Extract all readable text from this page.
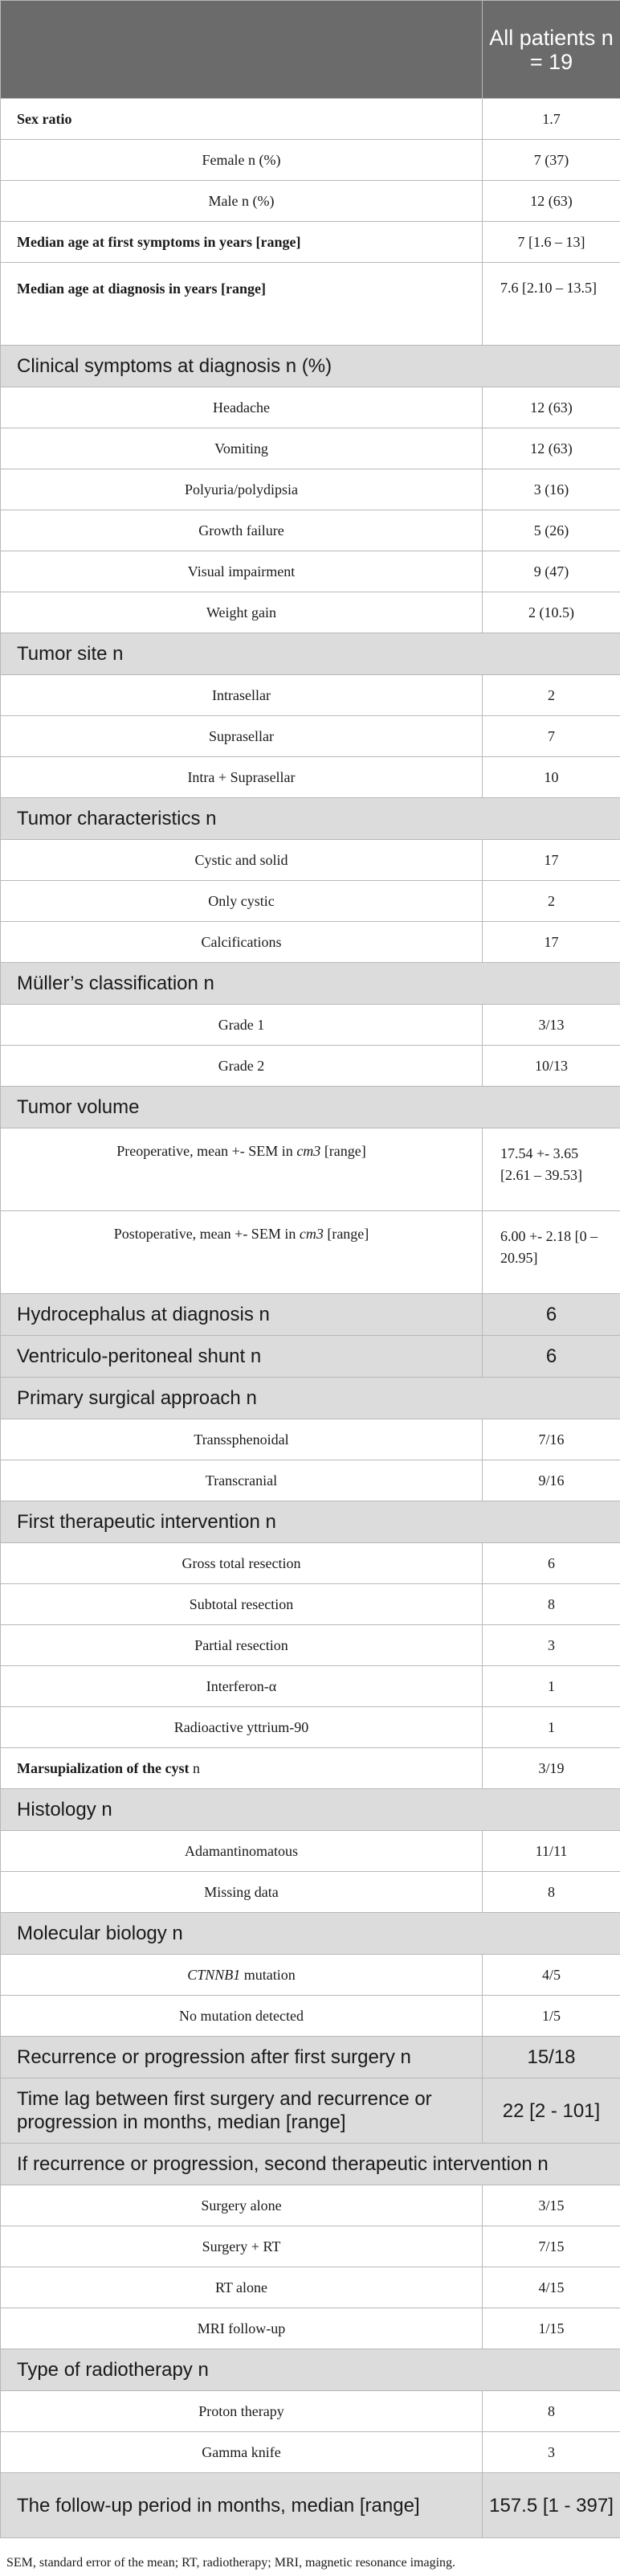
	All patients n = 19
Sex ratio	1.7
Female n (%)	7 (37)
Male n (%)	12 (63)
Median age at first symptoms in years [range]	7 [1.6 – 13]
Median age at diagnosis in years [range]	7.6 [2.10 – 13.5]
Clinical symptoms at diagnosis n (%)	
Headache	12 (63)
Vomiting	12 (63)
Polyuria/polydipsia	3 (16)
Growth failure	5 (26)
Visual impairment	9 (47)
Weight gain	2 (10.5)
Tumor site n	
Intrasellar	2
Suprasellar	7
Intra + Suprasellar	10
Tumor characteristics n	
Cystic and solid	17
Only cystic	2
Calcifications	17
Müller’s classification n	
Grade 1	3/13
Grade 2	10/13
Tumor volume	
Preoperative, mean +- SEM in cm3 [range]	17.54 +- 3.65 [2.61 – 39.53]
Postoperative, mean +- SEM in cm3 [range]	6.00 +- 2.18 [0 – 20.95]
Hydrocephalus at diagnosis n	6
Ventriculo-peritoneal shunt n	6
Primary surgical approach n	
Transsphenoidal	7/16
Transcranial	9/16
First therapeutic intervention n	
Gross total resection	6
Subtotal resection	8
Partial resection	3
Interferon-α	1
Radioactive yttrium-90	1
Marsupialization of the cyst n	3/19
Histology n	
Adamantinomatous	11/11
Missing data	8
Molecular biology n	
CTNNB1 mutation	4/5
No mutation detected	1/5
Recurrence or progression after first surgery n	15/18
Time lag between first surgery and recurrence or progression in months, median [range]	22 [2 - 101]
If recurrence or progression, second therapeutic intervention n	
Surgery alone	3/15
Surgery + RT	7/15
RT alone	4/15
MRI follow-up	1/15
Type of radiotherapy n	
Proton therapy	8
Gamma knife	3
The follow-up period in months, median [range]	157.5 [1 - 397]
SEM, standard error of the mean; RT, radiotherapy; MRI, magnetic resonance imaging.
